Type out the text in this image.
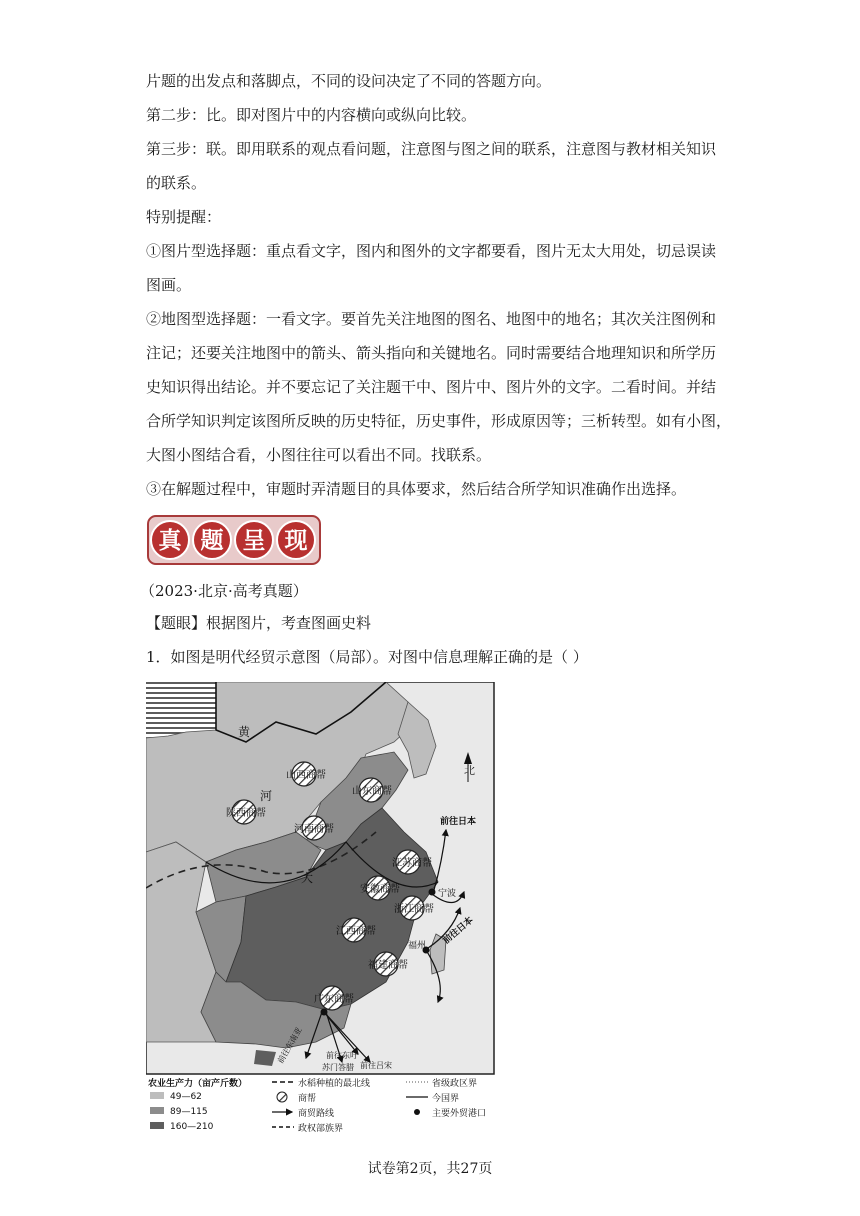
片题的出发点和落脚点，不同的设问决定了不同的答题方向。
第二步：比。即对图片中的内容横向或纵向比较。
第三步：联。即用联系的观点看问题，注意图与图之间的联系，注意图与教材相关知识
的联系。
特别提醒：
①图片型选择题：重点看文字，图内和图外的文字都要看，图片无太大用处，切忌误读
图画。
②地图型选择题：一看文字。要首先关注地图的图名、地图中的地名；其次关注图例和
注记；还要关注地图中的箭头、箭头指向和关键地名。同时需要结合地理知识和所学历
史知识得出结论。并不要忘记了关注题干中、图片中、图片外的文字。二看时间。并结
合所学知识判定该图所反映的历史特征，历史事件，形成原因等；三析转型。如有小图，
大图小图结合看，小图往往可以看出不同。找联系。
③在解题过程中，审题时弄清题目的具体要求，然后结合所学知识准确作出选择。
真 题 呈 现
（2023·北京·高考真题）
【题眼】根据图片，考查图画史料
1．如图是明代经贸示意图（局部）。对图中信息理解正确的是（ ）
黄
河
大
山西商帮
陕西商帮
山东商帮
河南商帮
江苏商帮
安徽商帮
浙江商帮
江西商帮
福建商帮
广东商帮
前往日本
前往日本
北
宁波
福州
前往东南亚	前往东吁
前往吕宋
苏门答腊
农业生产力（亩产斤数）
49—62
89—115
160—210
水稻种植的最北线
商帮
商贸路线
政权部族界
省级政区界
今国界
主要外贸港口
试卷第2页，共27页
